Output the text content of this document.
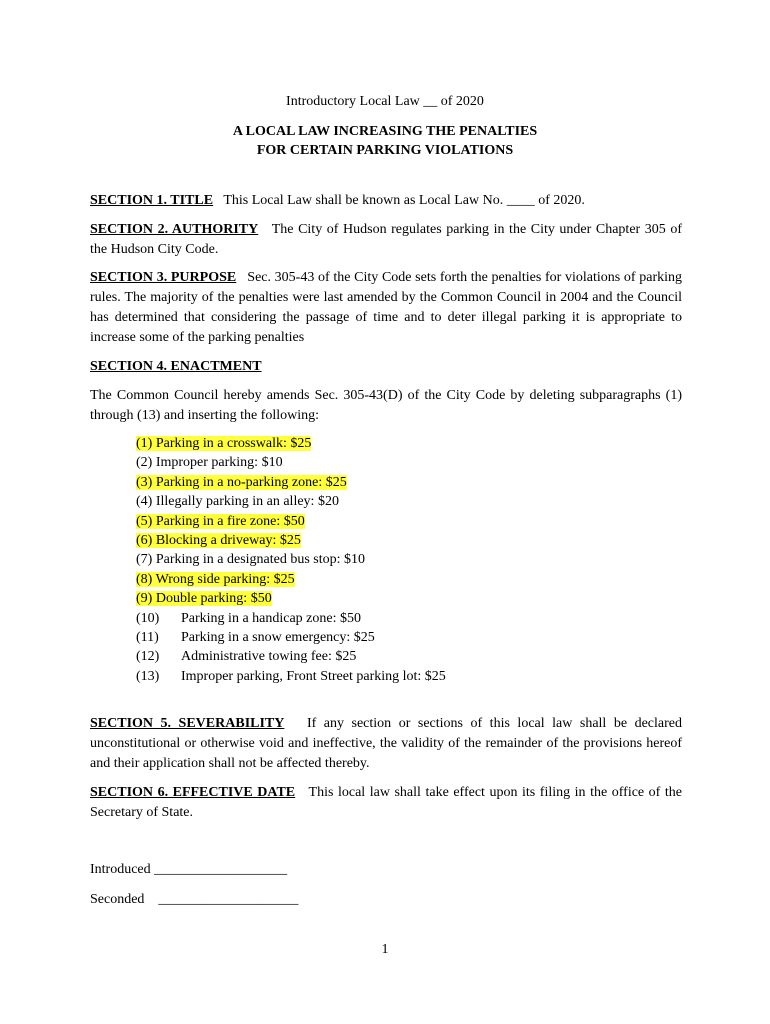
Introductory Local Law __ of 2020
A LOCAL LAW INCREASING THE PENALTIES
FOR CERTAIN PARKING VIOLATIONS
SECTION 1. TITLE This Local Law shall be known as Local Law No. ____ of 2020.
SECTION 2. AUTHORITY The City of Hudson regulates parking in the City under Chapter 305 of the Hudson City Code.
SECTION 3. PURPOSE Sec. 305-43 of the City Code sets forth the penalties for violations of parking rules. The majority of the penalties were last amended by the Common Council in 2004 and the Council has determined that considering the passage of time and to deter illegal parking it is appropriate to increase some of the parking penalties
SECTION 4. ENACTMENT
The Common Council hereby amends Sec. 305-43(D) of the City Code by deleting subparagraphs (1) through (13) and inserting the following:
(1) Parking in a crosswalk: $25
(2) Improper parking: $10
(3) Parking in a no-parking zone: $25
(4) Illegally parking in an alley: $20
(5) Parking in a fire zone: $50
(6) Blocking a driveway: $25
(7) Parking in a designated bus stop: $10
(8) Wrong side parking: $25
(9) Double parking: $50
(10) Parking in a handicap zone: $50
(11) Parking in a snow emergency: $25
(12) Administrative towing fee: $25
(13) Improper parking, Front Street parking lot: $25
SECTION 5. SEVERABILITY If any section or sections of this local law shall be declared unconstitutional or otherwise void and ineffective, the validity of the remainder of the provisions hereof and their application shall not be affected thereby.
SECTION 6. EFFECTIVE DATE This local law shall take effect upon its filing in the office of the Secretary of State.
Introduced ___________________
Seconded    ____________________
1
